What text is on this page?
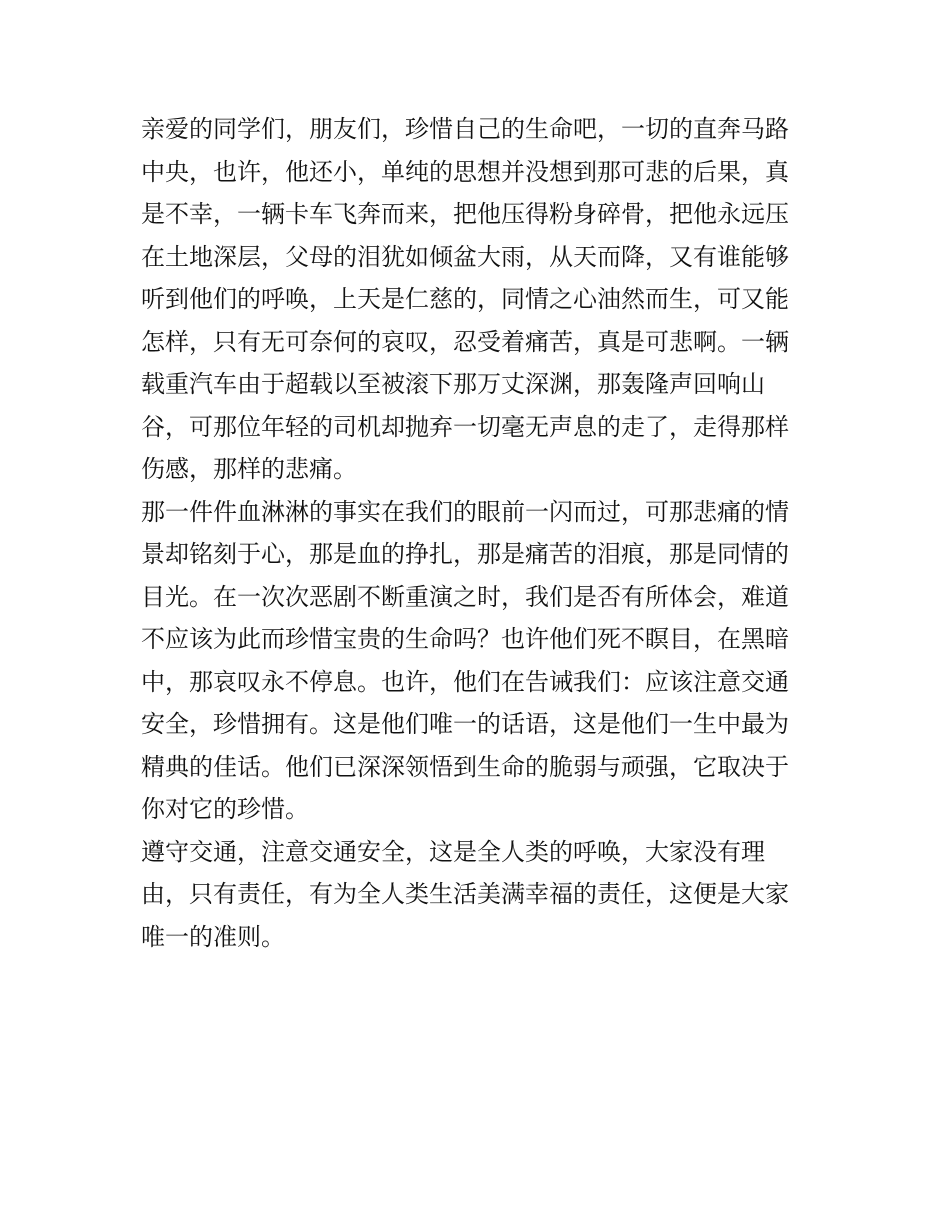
亲爱的同学们，朋友们，珍惜自己的生命吧，一切的直奔马路
中央，也许，他还小，单纯的思想并没想到那可悲的后果，真
是不幸，一辆卡车飞奔而来，把他压得粉身碎骨，把他永远压
在土地深层，父母的泪犹如倾盆大雨，从天而降，又有谁能够
听到他们的呼唤，上天是仁慈的，同情之心油然而生，可又能
怎样，只有无可奈何的哀叹，忍受着痛苦，真是可悲啊。一辆
载重汽车由于超载以至被滚下那万丈深渊，那轰隆声回响山
谷，可那位年轻的司机却抛弃一切毫无声息的走了，走得那样
伤感，那样的悲痛。
那一件件血淋淋的事实在我们的眼前一闪而过，可那悲痛的情
景却铭刻于心，那是血的挣扎，那是痛苦的泪痕，那是同情的
目光。在一次次恶剧不断重演之时，我们是否有所体会，难道
不应该为此而珍惜宝贵的生命吗？也许他们死不瞑目，在黑暗
中，那哀叹永不停息。也许，他们在告诫我们：应该注意交通
安全，珍惜拥有。这是他们唯一的话语，这是他们一生中最为
精典的佳话。他们已深深领悟到生命的脆弱与顽强，它取决于
你对它的珍惜。
遵守交通，注意交通安全，这是全人类的呼唤，大家没有理
由，只有责任，有为全人类生活美满幸福的责任，这便是大家
唯一的准则。
